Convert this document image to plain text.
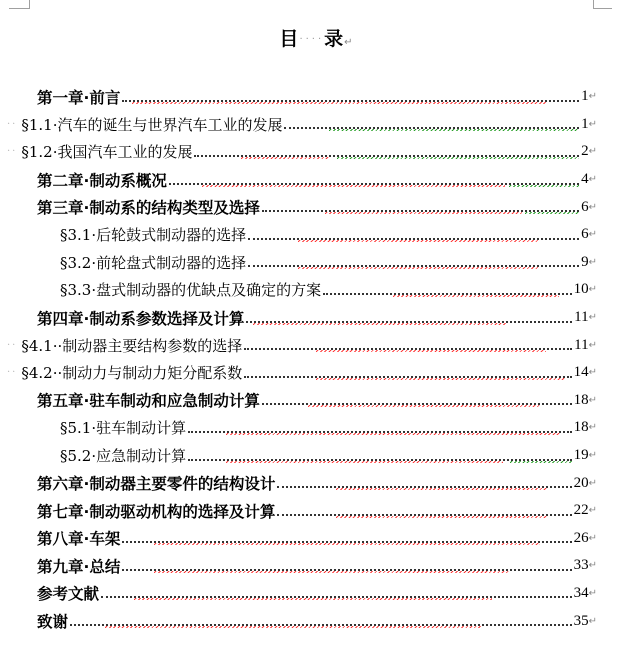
目····录↵
第一章·前言	1 ↵
·· §1.1·汽车的诞生与世界汽车工业的发展	1 ↵
·· §1.2·我国汽车工业的发展	2 ↵
第二章·制动系概况	4 ↵
第三章·制动系的结构类型及选择	6 ↵
§3.1·后轮鼓式制动器的选择	6 ↵
§3.2·前轮盘式制动器的选择	9 ↵
§3.3·盘式制动器的优缺点及确定的方案	10 ↵
第四章·制动系参数选择及计算	11 ↵
·· §4.1··制动器主要结构参数的选择	11 ↵
·· §4.2··制动力与制动力矩分配系数	14 ↵
第五章·驻车制动和应急制动计算	18 ↵
§5.1·驻车制动计算	18 ↵
§5.2·应急制动计算	19 ↵
第六章·制动器主要零件的结构设计	20 ↵
第七章·制动驱动机构的选择及计算	22 ↵
第八章·车架	26 ↵
第九章·总结	33 ↵
参考文献	34 ↵
致谢	35 ↵
